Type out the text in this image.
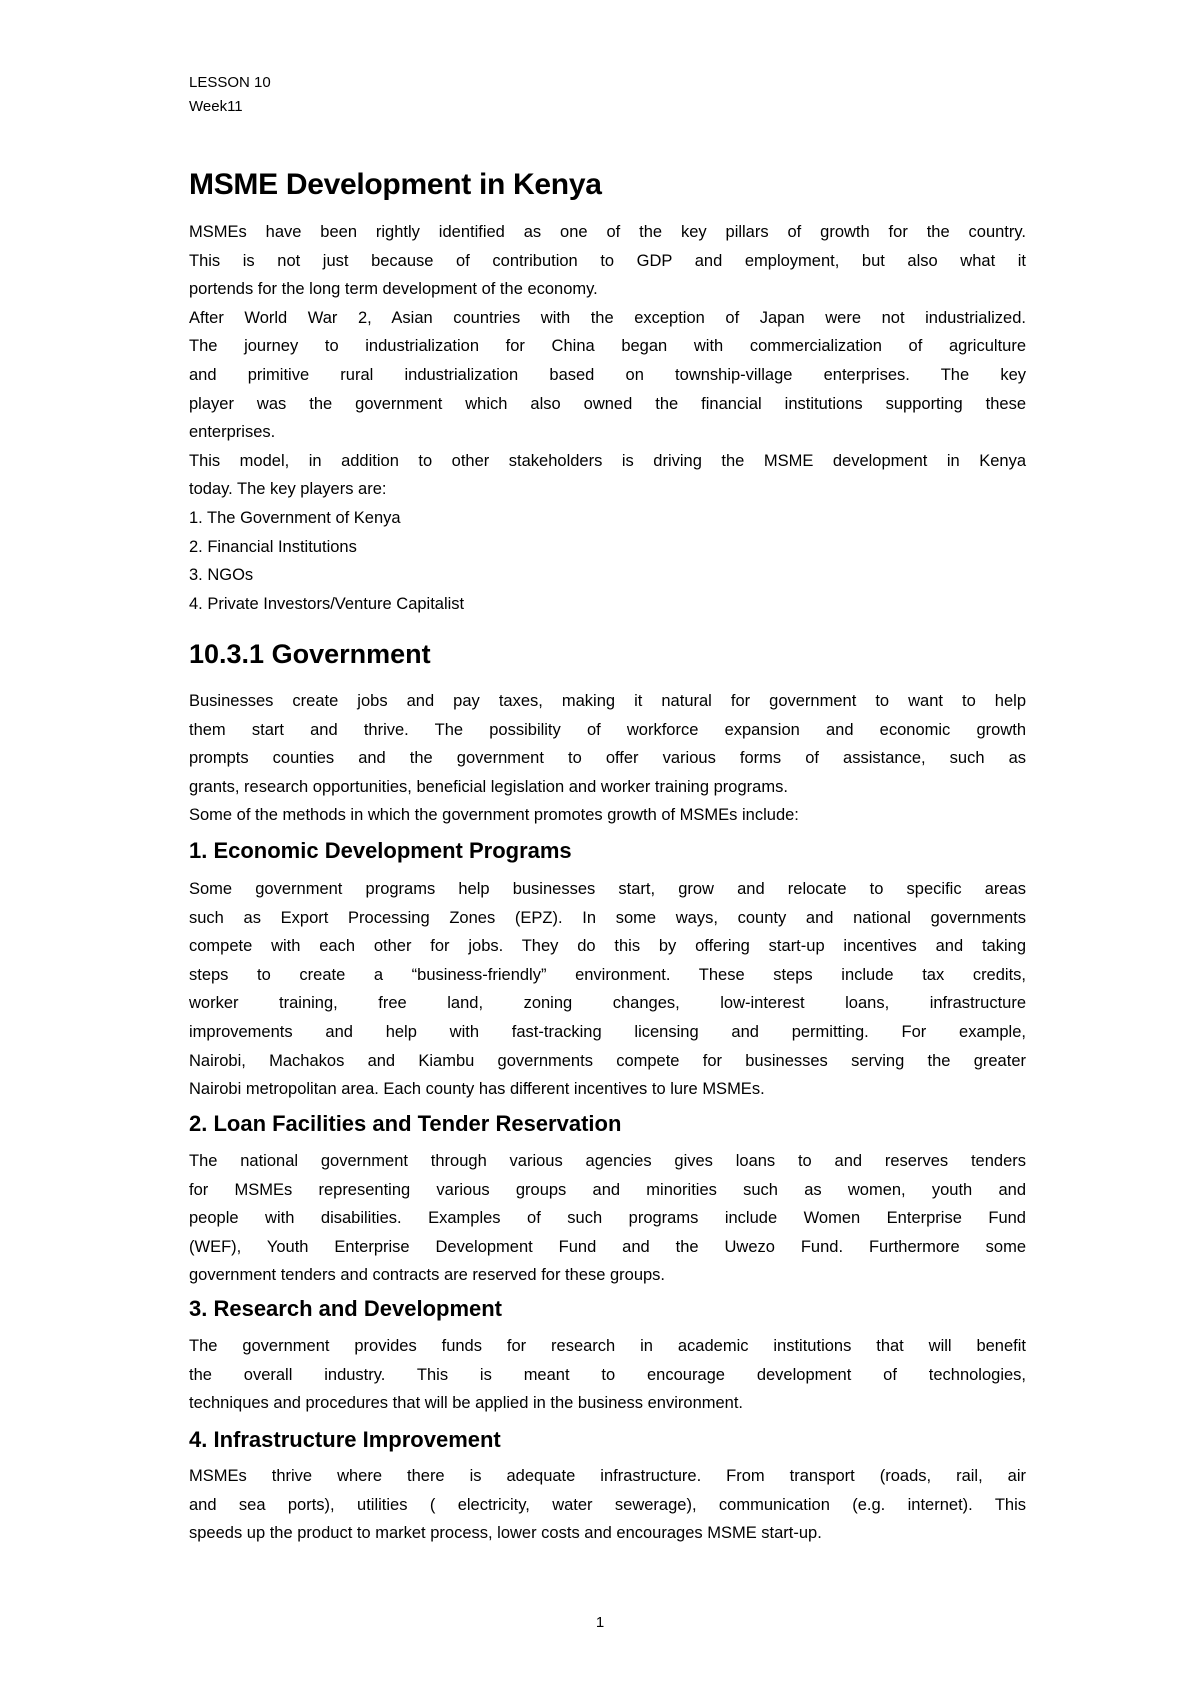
LESSON 10
Week11
MSME Development in Kenya
MSMEs have been rightly identified as one of the key pillars of growth for the country.
This is not just because of contribution to GDP and employment, but also what it
portends for the long term development of the economy.
After World War 2, Asian countries with the exception of Japan were not industrialized.
The journey to industrialization for China began with commercialization of agriculture
and primitive rural industrialization based on township-village enterprises. The key
player was the government which also owned the financial institutions supporting these
enterprises.
This model, in addition to other stakeholders is driving the MSME development in Kenya
today. The key players are:
1. The Government of Kenya
2. Financial Institutions
3. NGOs
4. Private Investors/Venture Capitalist
10.3.1 Government
Businesses create jobs and pay taxes, making it natural for government to want to help
them start and thrive. The possibility of workforce expansion and economic growth
prompts counties and the government to offer various forms of assistance, such as
grants, research opportunities, beneficial legislation and worker training programs.
Some of the methods in which the government promotes growth of MSMEs include:
1. Economic Development Programs
Some government programs help businesses start, grow and relocate to specific areas
such as Export Processing Zones (EPZ). In some ways, county and national governments
compete with each other for jobs. They do this by offering start-up incentives and taking
steps to create a “business-friendly” environment. These steps include tax credits,
worker training, free land, zoning changes, low-interest loans, infrastructure
improvements and help with fast-tracking licensing and permitting. For example,
Nairobi, Machakos and Kiambu governments compete for businesses serving the greater
Nairobi metropolitan area. Each county has different incentives to lure MSMEs.
2. Loan Facilities and Tender Reservation
The national government through various agencies gives loans to and reserves tenders
for MSMEs representing various groups and minorities such as women, youth and
people with disabilities. Examples of such programs include Women Enterprise Fund
(WEF), Youth Enterprise Development Fund and the Uwezo Fund. Furthermore some
government tenders and contracts are reserved for these groups.
3. Research and Development
The government provides funds for research in academic institutions that will benefit
the overall industry. This is meant to encourage development of technologies,
techniques and procedures that will be applied in the business environment.
4. Infrastructure Improvement
MSMEs thrive where there is adequate infrastructure. From transport (roads, rail, air
and sea ports), utilities ( electricity, water sewerage), communication (e.g. internet). This
speeds up the product to market process, lower costs and encourages MSME start-up.
1
